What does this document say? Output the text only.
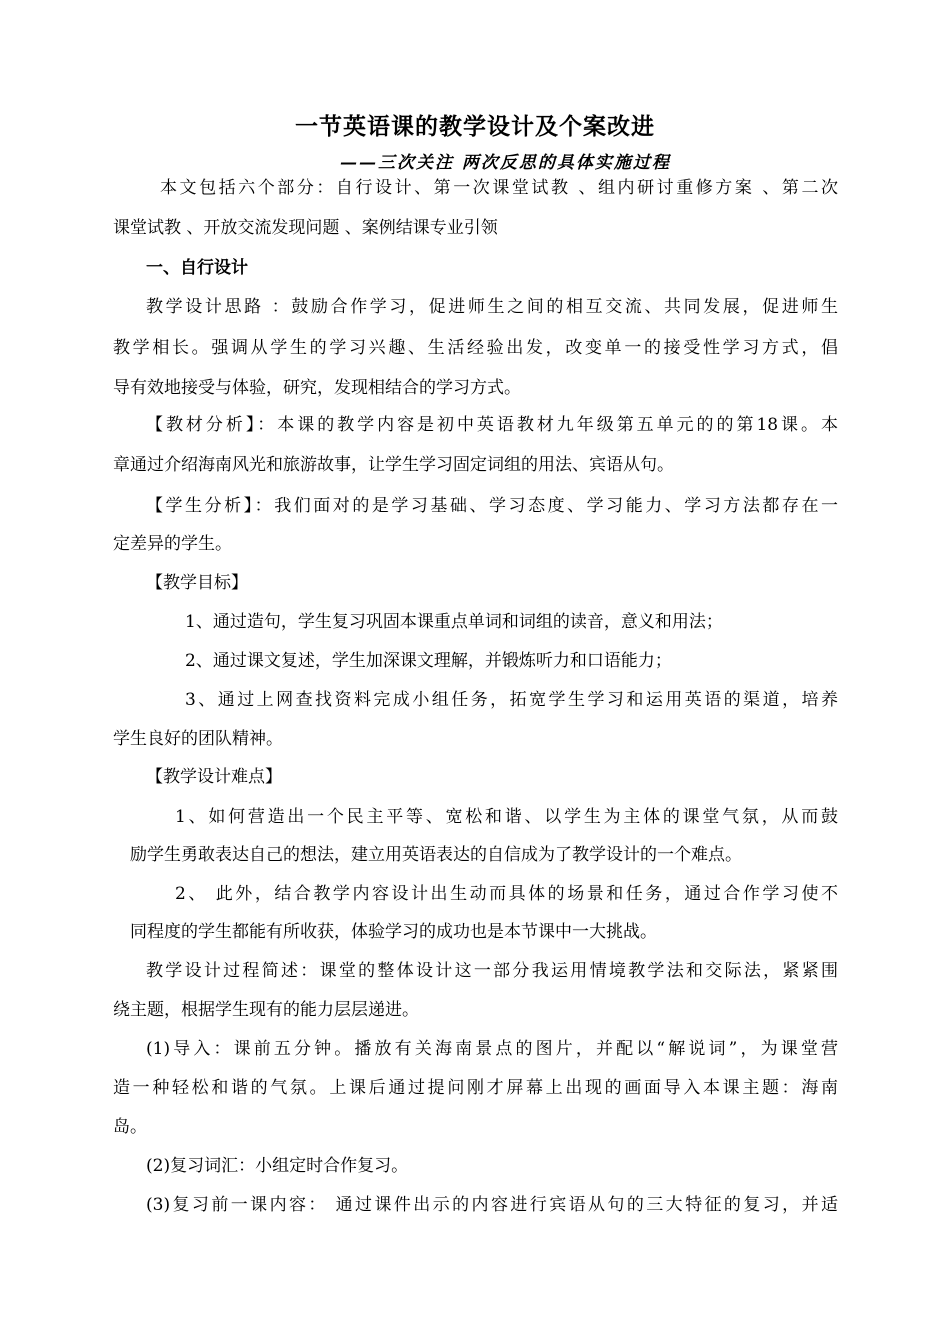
一节英语课的教学设计及个案改进
——三次关注 两次反思的具体实施过程
本文包括六个部分：自行设计、第一次课堂试教 、组内研讨重修方案 、第二次
课堂试教 、开放交流发现问题 、案例结课专业引领
一、自行设计
教学设计思路 ：鼓励合作学习，促进师生之间的相互交流、共同发展，促进师生
教学相长。强调从学生的学习兴趣、生活经验出发，改变单一的接受性学习方式，倡
导有效地接受与体验，研究，发现相结合的学习方式。
【教材分析】：本课的教学内容是初中英语教材九年级第五单元的的第18课。本
章通过介绍海南风光和旅游故事，让学生学习固定词组的用法、宾语从句。
【学生分析】：我们面对的是学习基础、学习态度、学习能力、学习方法都存在一
定差异的学生。
【教学目标】
1、通过造句，学生复习巩固本课重点单词和词组的读音，意义和用法；
2、通过课文复述，学生加深课文理解，并锻炼听力和口语能力；
3、通过上网查找资料完成小组任务，拓宽学生学习和运用英语的渠道，培养
学生良好的团队精神。
【教学设计难点】
1、如何营造出一个民主平等、宽松和谐、以学生为主体的课堂气氛，从而鼓
励学生勇敢表达自己的想法，建立用英语表达的自信成为了教学设计的一个难点。
2、 此外，结合教学内容设计出生动而具体的场景和任务，通过合作学习使不
同程度的学生都能有所收获，体验学习的成功也是本节课中一大挑战。
教学设计过程简述：课堂的整体设计这一部分我运用情境教学法和交际法，紧紧围
绕主题，根据学生现有的能力层层递进。
(1)导入：课前五分钟。播放有关海南景点的图片，并配以“解说词”，为课堂营
造一种轻松和谐的气氛。上课后通过提问刚才屏幕上出现的画面导入本课主题：海南
岛。
(2)复习词汇：小组定时合作复习。
(3)复习前一课内容： 通过课件出示的内容进行宾语从句的三大特征的复习，并适
